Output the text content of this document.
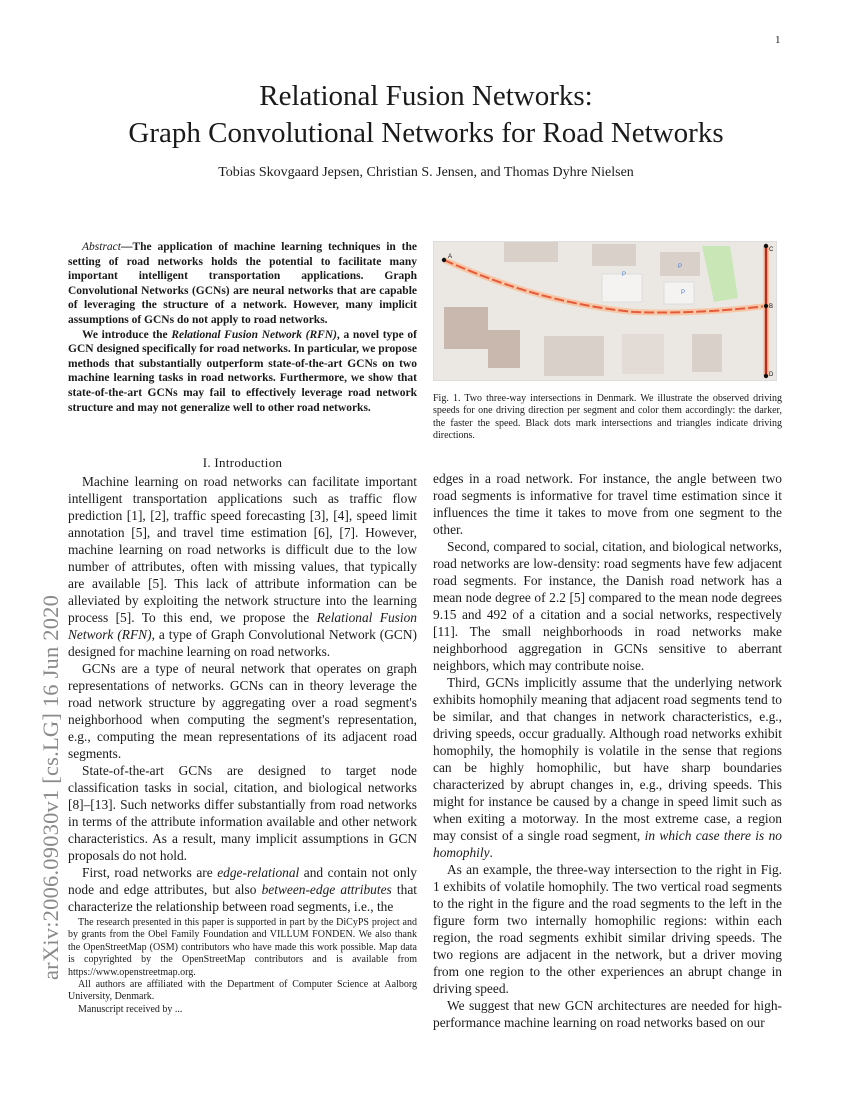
1
arXiv:2006.09030v1 [cs.LG] 16 Jun 2020
Relational Fusion Networks:
Graph Convolutional Networks for Road Networks
Tobias Skovgaard Jepsen, Christian S. Jensen, and Thomas Dyhre Nielsen

Abstract—The application of machine learning techniques in the setting of road networks holds the potential to facilitate many important intelligent transportation applications. Graph Convolutional Networks (GCNs) are neural networks that are capable of leveraging the structure of a network. However, many implicit assumptions of GCNs do not apply to road networks.

We introduce the Relational Fusion Network (RFN), a novel type of GCN designed specifically for road networks. In particular, we propose methods that substantially outperform state-of-the-art GCNs on two machine learning tasks in road networks. Furthermore, we show that state-of-the-art GCNs may fail to effectively leverage road network structure and may not generalize well to other road networks.

A
B
C
D
P
P
P
Fig. 1. Two three-way intersections in Denmark. We illustrate the observed driving speeds for one driving direction per segment and color them accordingly: the darker, the faster the speed. Black dots mark intersections and triangles indicate driving directions.
I. Introduction

Machine learning on road networks can facilitate important intelligent transportation applications such as traffic flow prediction [1], [2], traffic speed forecasting [3], [4], speed limit annotation [5], and travel time estimation [6], [7]. However, machine learning on road networks is difficult due to the low number of attributes, often with missing values, that typically are available [5]. This lack of attribute information can be alleviated by exploiting the network structure into the learning process [5]. To this end, we propose the Relational Fusion Network (RFN), a type of Graph Convolutional Network (GCN) designed for machine learning on road networks.

GCNs are a type of neural network that operates on graph representations of networks. GCNs can in theory leverage the road network structure by aggregating over a road segment's neighborhood when computing the segment's representation, e.g., computing the mean representations of its adjacent road segments.

State-of-the-art GCNs are designed to target node classification tasks in social, citation, and biological networks [8]–[13]. Such networks differ substantially from road networks in terms of the attribute information available and other network characteristics. As a result, many implicit assumptions in GCN proposals do not hold.

First, road networks are edge-relational and contain not only node and edge attributes, but also between-edge attributes that characterize the relationship between road segments, i.e., the

The research presented in this paper is supported in part by the DiCyPS project and by grants from the Obel Family Foundation and VILLUM FONDEN. We also thank the OpenStreetMap (OSM) contributors who have made this work possible. Map data is copyrighted by the OpenStreetMap contributors and is available from https://www.openstreetmap.org.

All authors are affiliated with the Department of Computer Science at Aalborg University, Denmark.

Manuscript received by ...

edges in a road network. For instance, the angle between two road segments is informative for travel time estimation since it influences the time it takes to move from one segment to the other.

Second, compared to social, citation, and biological networks, road networks are low-density: road segments have few adjacent road segments. For instance, the Danish road network has a mean node degree of 2.2 [5] compared to the mean node degrees 9.15 and 492 of a citation and a social networks, respectively [11]. The small neighborhoods in road networks make neighborhood aggregation in GCNs sensitive to aberrant neighbors, which may contribute noise.

Third, GCNs implicitly assume that the underlying network exhibits homophily meaning that adjacent road segments tend to be similar, and that changes in network characteristics, e.g., driving speeds, occur gradually. Although road networks exhibit homophily, the homophily is volatile in the sense that regions can be highly homophilic, but have sharp boundaries characterized by abrupt changes in, e.g., driving speeds. This might for instance be caused by a change in speed limit such as when exiting a motorway. In the most extreme case, a region may consist of a single road segment, in which case there is no homophily.

As an example, the three-way intersection to the right in Fig. 1 exhibits of volatile homophily. The two vertical road segments to the right in the figure and the road segments to the left in the figure form two internally homophilic regions: within each region, the road segments exhibit similar driving speeds. The two regions are adjacent in the network, but a driver moving from one region to the other experiences an abrupt change in driving speed.

We suggest that new GCN architectures are needed for high-performance machine learning on road networks based on our
